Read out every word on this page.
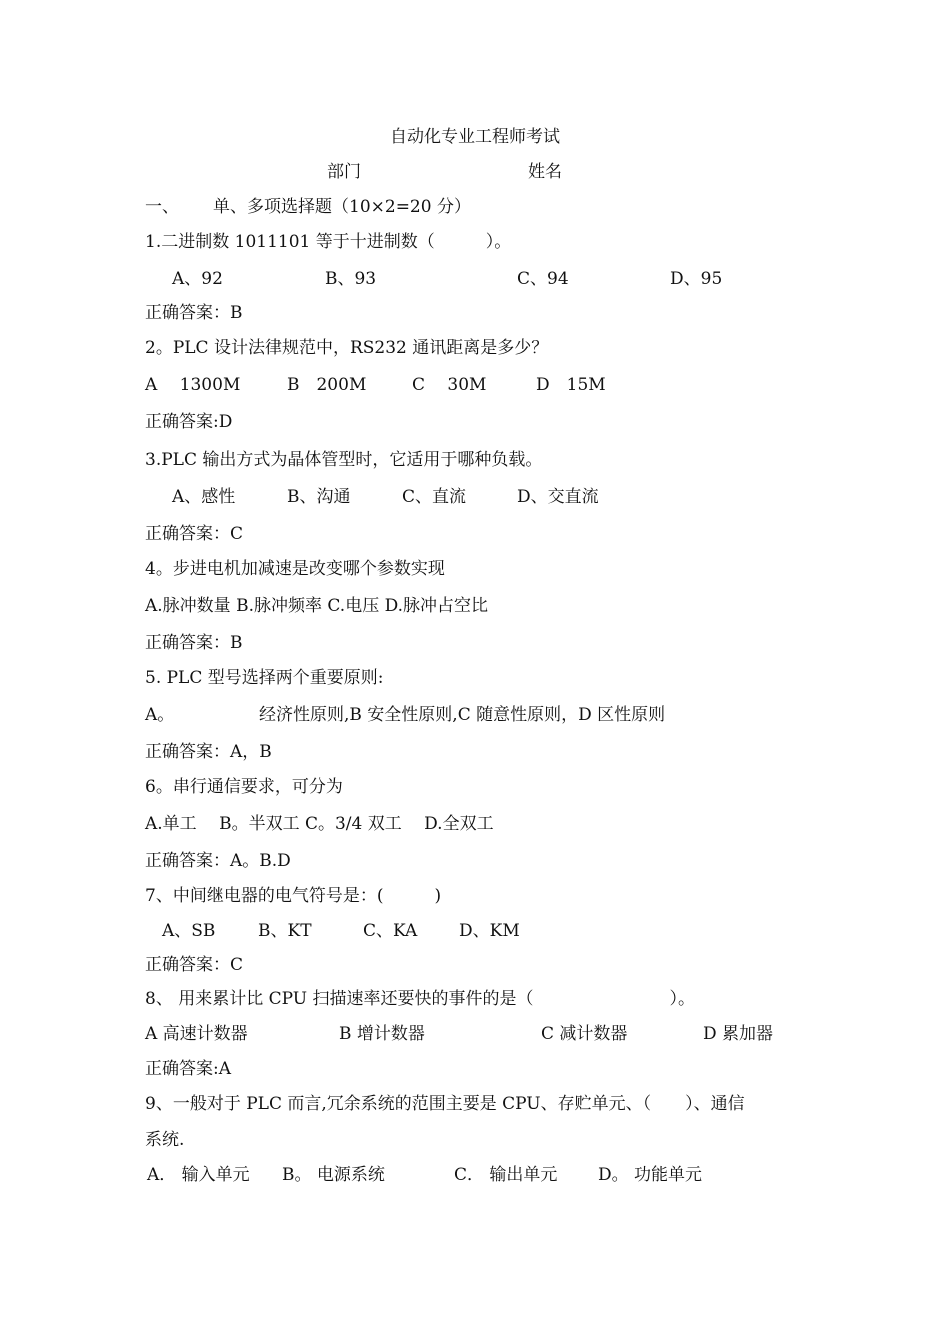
自动化专业工程师考试
部门	姓名
一、 单、多项选择题（10×2=20 分）
1.二进制数 1011101 等于十进制数（　　　）。
A、92	B、93	C、94	D、95
正确答案：B
2。PLC 设计法律规范中，RS232 通讯距离是多少？
A　 1300M	B　200M	C　 30M	D　15M
正确答案:D
3.PLC 输出方式为晶体管型时，它适用于哪种负载。
A、感性	B、沟通	C、直流	D、交直流
正确答案：C
4。步进电机加减速是改变哪个参数实现
A.脉冲数量 B.脉冲频率 C.电压 D.脉冲占空比
正确答案：B
5. PLC 型号选择两个重要原则:
A。	经济性原则,B 安全性原则,C 随意性原则，D 区性原则
正确答案：A，B
6。串行通信要求，可分为
A.单工　 B。半双工 C。3/4 双工　 D.全双工
正确答案：A。B.D
7、中间继电器的电气符号是：(　　　)
A、SB	B、KT	C、KA D、KM
正确答案：C
8、 用来累计比 CPU 扫描速率还要快的事件的是（　　　　　　　　）。
A 高速计数器	B 增计数器	C 减计数器	D 累加器
正确答案:A
9、一般对于 PLC 而言,冗余系统的范围主要是 CPU、存贮单元、（　　）、通信
系统.
A． 输入单元 B。 电源系统	C． 输出单元 D。 功能单元
